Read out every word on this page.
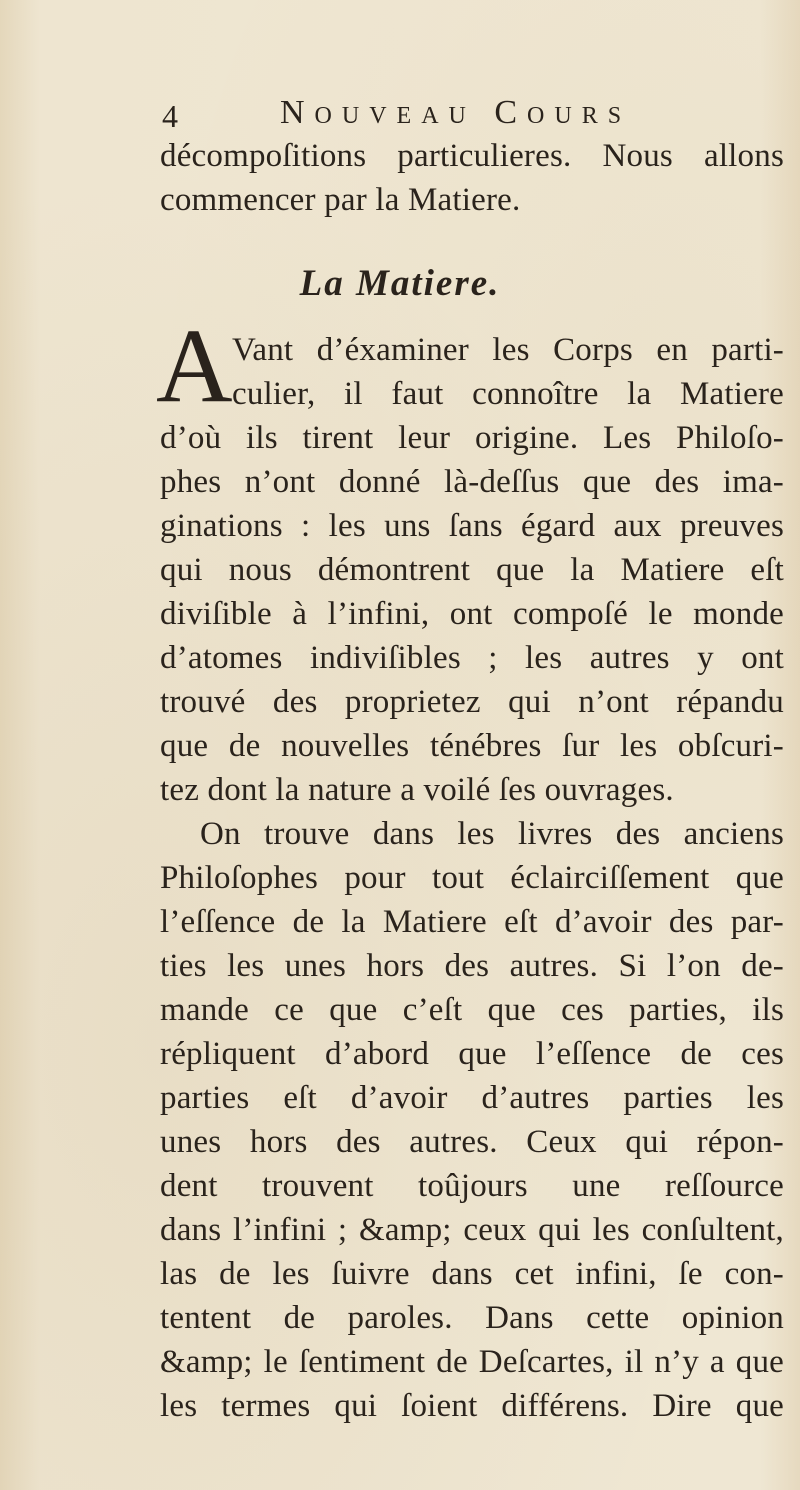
4	Nouveau Cours
décompoſitions particulieres. Nous allons
commencer par la Matiere.
La Matiere.
A Vant d’éxaminer les Corps en parti-
culier, il faut connoître la Matiere
d’où ils tirent leur origine. Les Philoſo-
phes n’ont donné là-deſſus que des ima-
ginations : les uns ſans égard aux preuves
qui nous démontrent que la Matiere eſt
diviſible à l’infini, ont compoſé le monde
d’atomes indiviſibles ; les autres y ont
trouvé des proprietez qui n’ont répandu
que de nouvelles ténébres ſur les obſcuri-
tez dont la nature a voilé ſes ouvrages.
On trouve dans les livres des anciens
Philoſophes pour tout éclairciſſement que
l’eſſence de la Matiere eſt d’avoir des par-
ties les unes hors des autres. Si l’on de-
mande ce que c’eſt que ces parties, ils
répliquent d’abord que l’eſſence de ces
parties eſt d’avoir d’autres parties les
unes hors des autres. Ceux qui répon-
dent trouvent toûjours une reſſource
dans l’infini ; &amp; ceux qui les conſultent,
las de les ſuivre dans cet infini, ſe con-
tentent de paroles. Dans cette opinion
&amp; le ſentiment de Deſcartes, il n’y a que
les termes qui ſoient différens. Dire que
